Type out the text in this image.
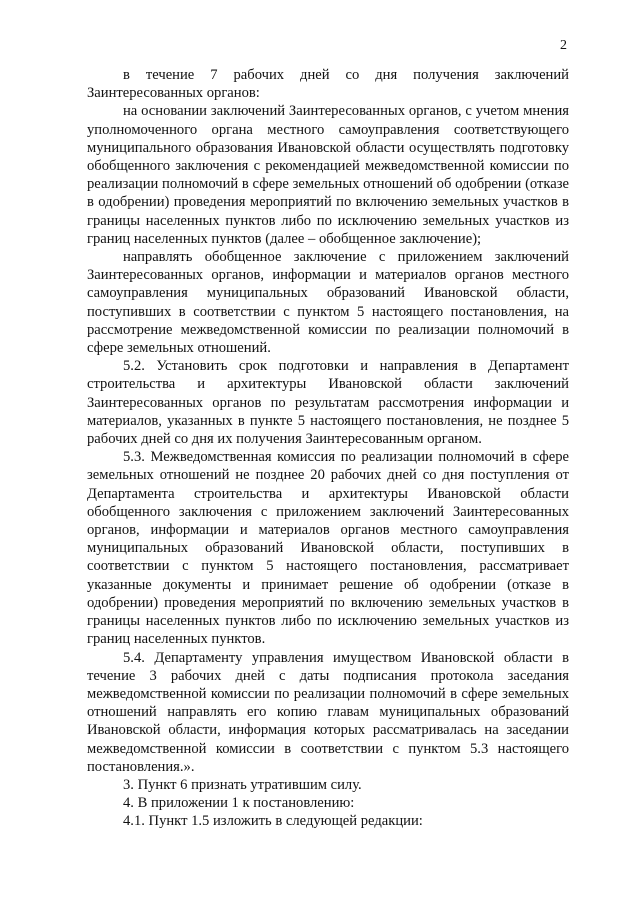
2

в течение 7 рабочих дней со дня получения заключений Заинтересованных органов:

на основании заключений Заинтересованных органов, с учетом мнения уполномоченного органа местного самоуправления соответствующего муниципального образования Ивановской области осуществлять подготовку обобщенного заключения с рекомендацией межведомственной комиссии по реализации полномочий в сфере земельных отношений об одобрении (отказе в одобрении) проведения мероприятий по включению земельных участков в границы населенных пунктов либо по исключению земельных участков из границ населенных пунктов (далее – обобщенное заключение);

направлять обобщенное заключение с приложением заключений Заинтересованных органов, информации и материалов органов местного самоуправления муниципальных образований Ивановской области, поступивших в соответствии с пунктом 5 настоящего постановления, на рассмотрение межведомственной комиссии по реализации полномочий в сфере земельных отношений.

5.2. Установить срок подготовки и направления в Департамент строительства и архитектуры Ивановской области заключений Заинтересованных органов по результатам рассмотрения информации и материалов, указанных в пункте 5 настоящего постановления, не позднее 5 рабочих дней со дня их получения Заинтересованным органом.

5.3. Межведомственная комиссия по реализации полномочий в сфере земельных отношений не позднее 20 рабочих дней со дня поступления от Департамента строительства и архитектуры Ивановской области обобщенного заключения с приложением заключений Заинтересованных органов, информации и материалов органов местного самоуправления муниципальных образований Ивановской области, поступивших в соответствии с пунктом 5 настоящего постановления, рассматривает указанные документы и принимает решение об одобрении (отказе в одобрении) проведения мероприятий по включению земельных участков в границы населенных пунктов либо по исключению земельных участков из границ населенных пунктов.

5.4. Департаменту управления имуществом Ивановской области в течение 3 рабочих дней с даты подписания протокола заседания межведомственной комиссии по реализации полномочий в сфере земельных отношений направлять его копию главам муниципальных образований Ивановской области, информация которых рассматривалась на заседании межведомственной комиссии в соответствии с пунктом 5.3 настоящего постановления.».

3. Пункт 6 признать утратившим силу.

4. В приложении 1 к постановлению:

4.1. Пункт 1.5 изложить в следующей редакции:
